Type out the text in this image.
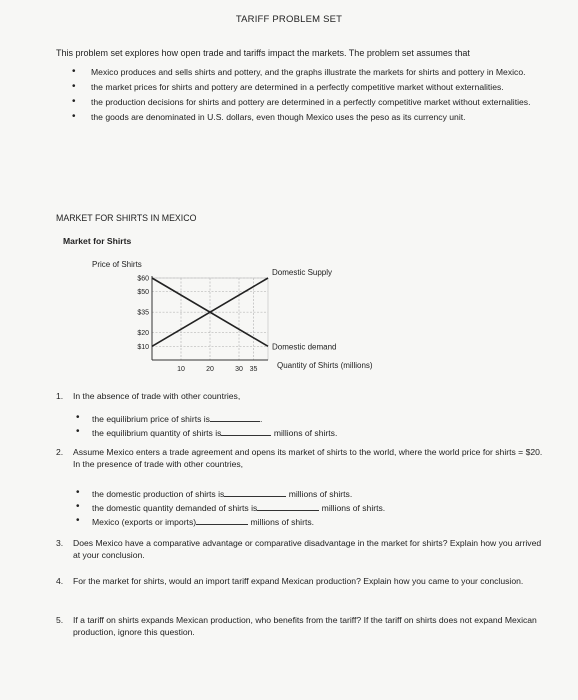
TARIFF PROBLEM SET
This problem set explores how open trade and tariffs impact the markets. The problem set assumes that
• Mexico produces and sells shirts and pottery, and the graphs illustrate the markets for shirts and pottery in Mexico.
• the market prices for shirts and pottery are determined in a perfectly competitive market without externalities.
• the production decisions for shirts and pottery are determined in a perfectly competitive market without externalities.
• the goods are denominated in U.S. dollars, even though Mexico uses the peso as its currency unit.
MARKET FOR SHIRTS IN MEXICO
Market for Shirts
$60
$50
$35
$20
$10
10	20	30 35
Price of Shirts
Quantity of Shirts (millions)
Domestic Supply
Domestic demand
1. In the absence of trade with other countries,
• the equilibrium price of shirts is	.
• the equilibrium quantity of shirts is	millions of shirts.
2. Assume Mexico enters a trade agreement and opens its market of shirts to the world, where the world price for shirts = $20. In the presence of trade with other countries,
• the domestic production of shirts is	millions of shirts.
• the domestic quantity demanded of shirts is	millions of shirts.
• Mexico (exports or imports)	millions of shirts.
3. Does Mexico have a comparative advantage or comparative disadvantage in the market for shirts? Explain how you arrived at your conclusion.
4. For the market for shirts, would an import tariff expand Mexican production? Explain how you came to your conclusion.
5. If a tariff on shirts expands Mexican production, who benefits from the tariff? If the tariff on shirts does not expand Mexican production, ignore this question.
